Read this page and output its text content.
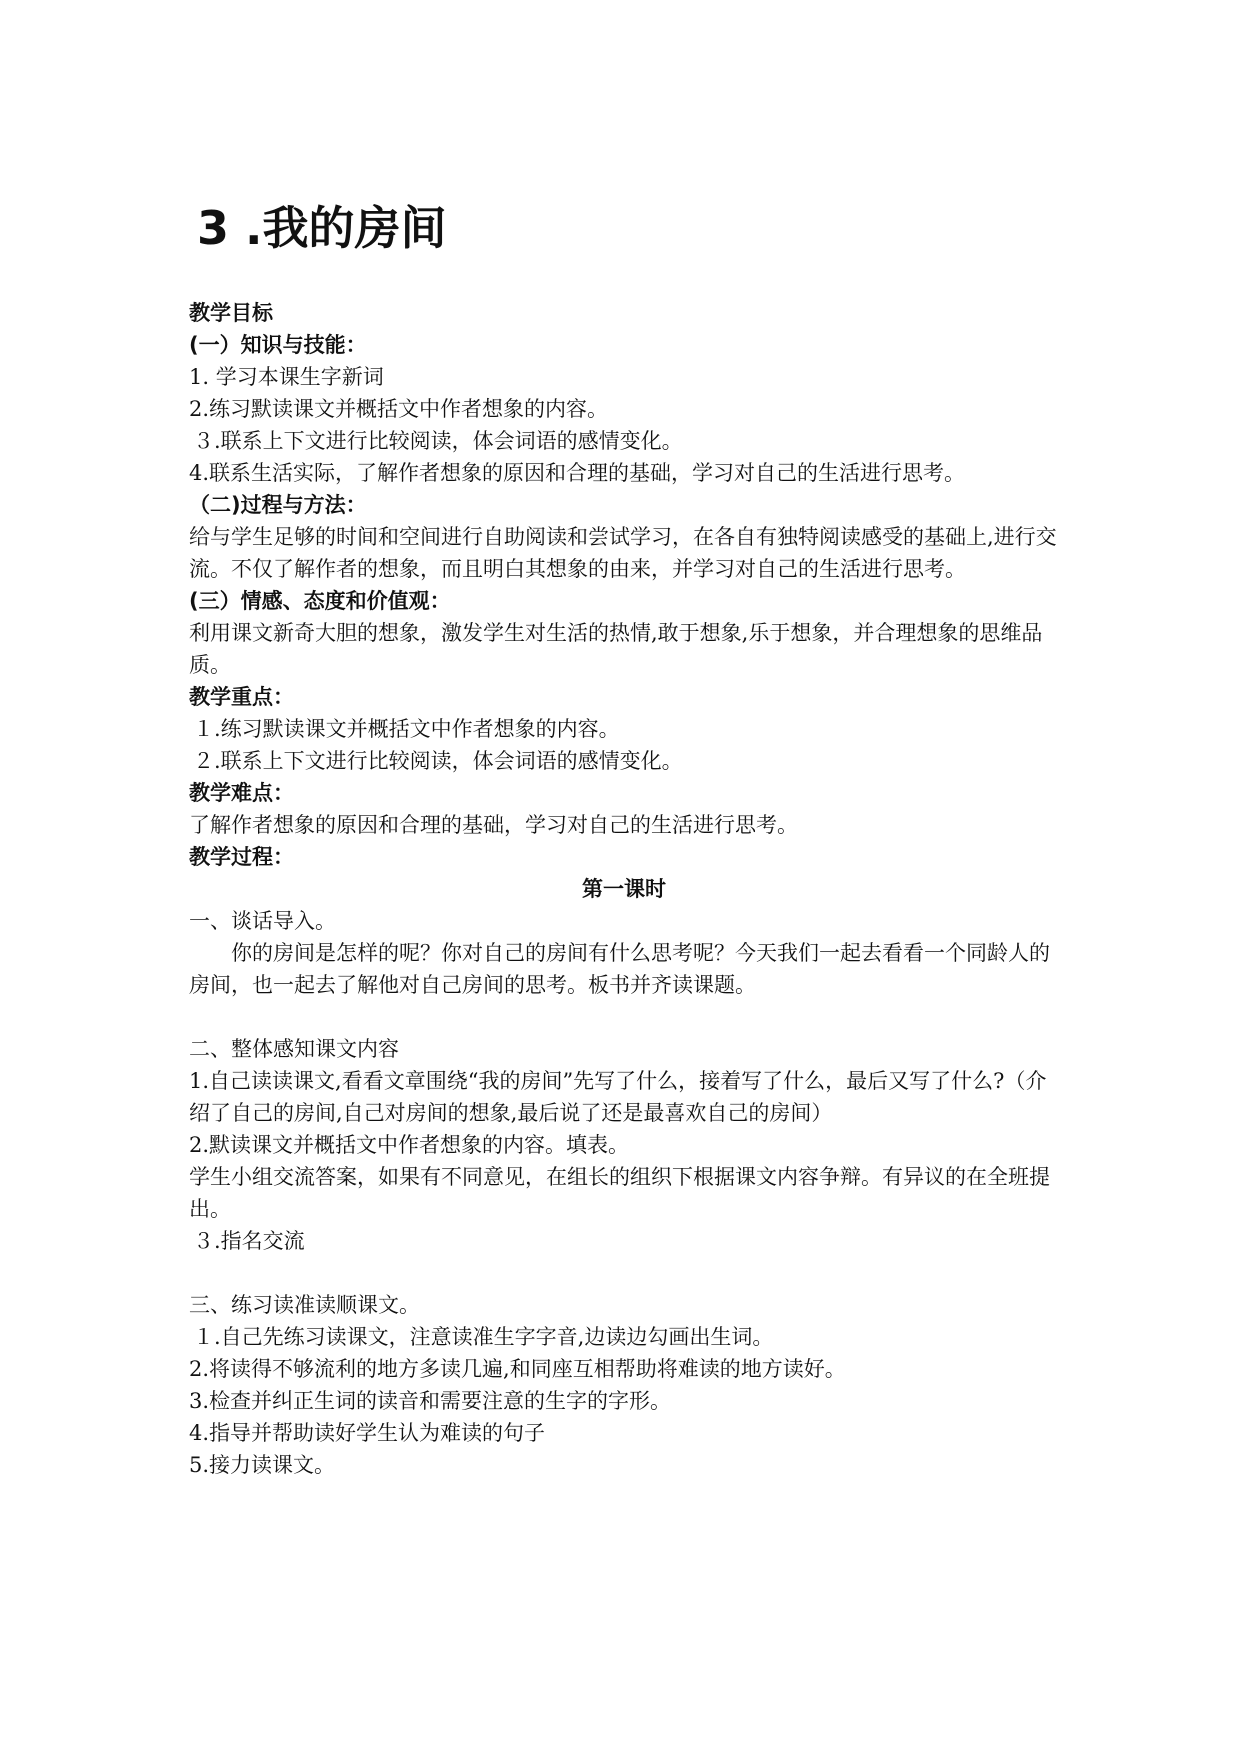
3 .我的房间

教学目标

(一）知识与技能：

1. 学习本课生字新词

2.练习默读课文并概括文中作者想象的内容。

３.联系上下文进行比较阅读，体会词语的感情变化。

4.联系生活实际，了解作者想象的原因和合理的基础，学习对自己的生活进行思考。

（二)过程与方法：

给与学生足够的时间和空间进行自助阅读和尝试学习，在各自有独特阅读感受的基础上,进行交流。不仅了解作者的想象，而且明白其想象的由来，并学习对自己的生活进行思考。

(三）情感、态度和价值观：

利用课文新奇大胆的想象，激发学生对生活的热情,敢于想象,乐于想象，并合理想象的思维品质。

教学重点：

１.练习默读课文并概括文中作者想象的内容。

２.联系上下文进行比较阅读，体会词语的感情变化。

教学难点：

了解作者想象的原因和合理的基础，学习对自己的生活进行思考。

教学过程：

第一课时

一、谈话导入。

你的房间是怎样的呢？你对自己的房间有什么思考呢？今天我们一起去看看一个同龄人的房间，也一起去了解他对自己房间的思考。板书并齐读课题。

二、整体感知课文内容

1.自己读读课文,看看文章围绕“我的房间”先写了什么，接着写了什么，最后又写了什么?（介绍了自己的房间,自己对房间的想象,最后说了还是最喜欢自己的房间）

2.默读课文并概括文中作者想象的内容。填表。

学生小组交流答案，如果有不同意见，在组长的组织下根据课文内容争辩。有异议的在全班提出。

３.指名交流

三、练习读准读顺课文。

１.自己先练习读课文，注意读准生字字音,边读边勾画出生词。

2.将读得不够流利的地方多读几遍,和同座互相帮助将难读的地方读好。

3.检查并纠正生词的读音和需要注意的生字的字形。

4.指导并帮助读好学生认为难读的句子

5.接力读课文。
